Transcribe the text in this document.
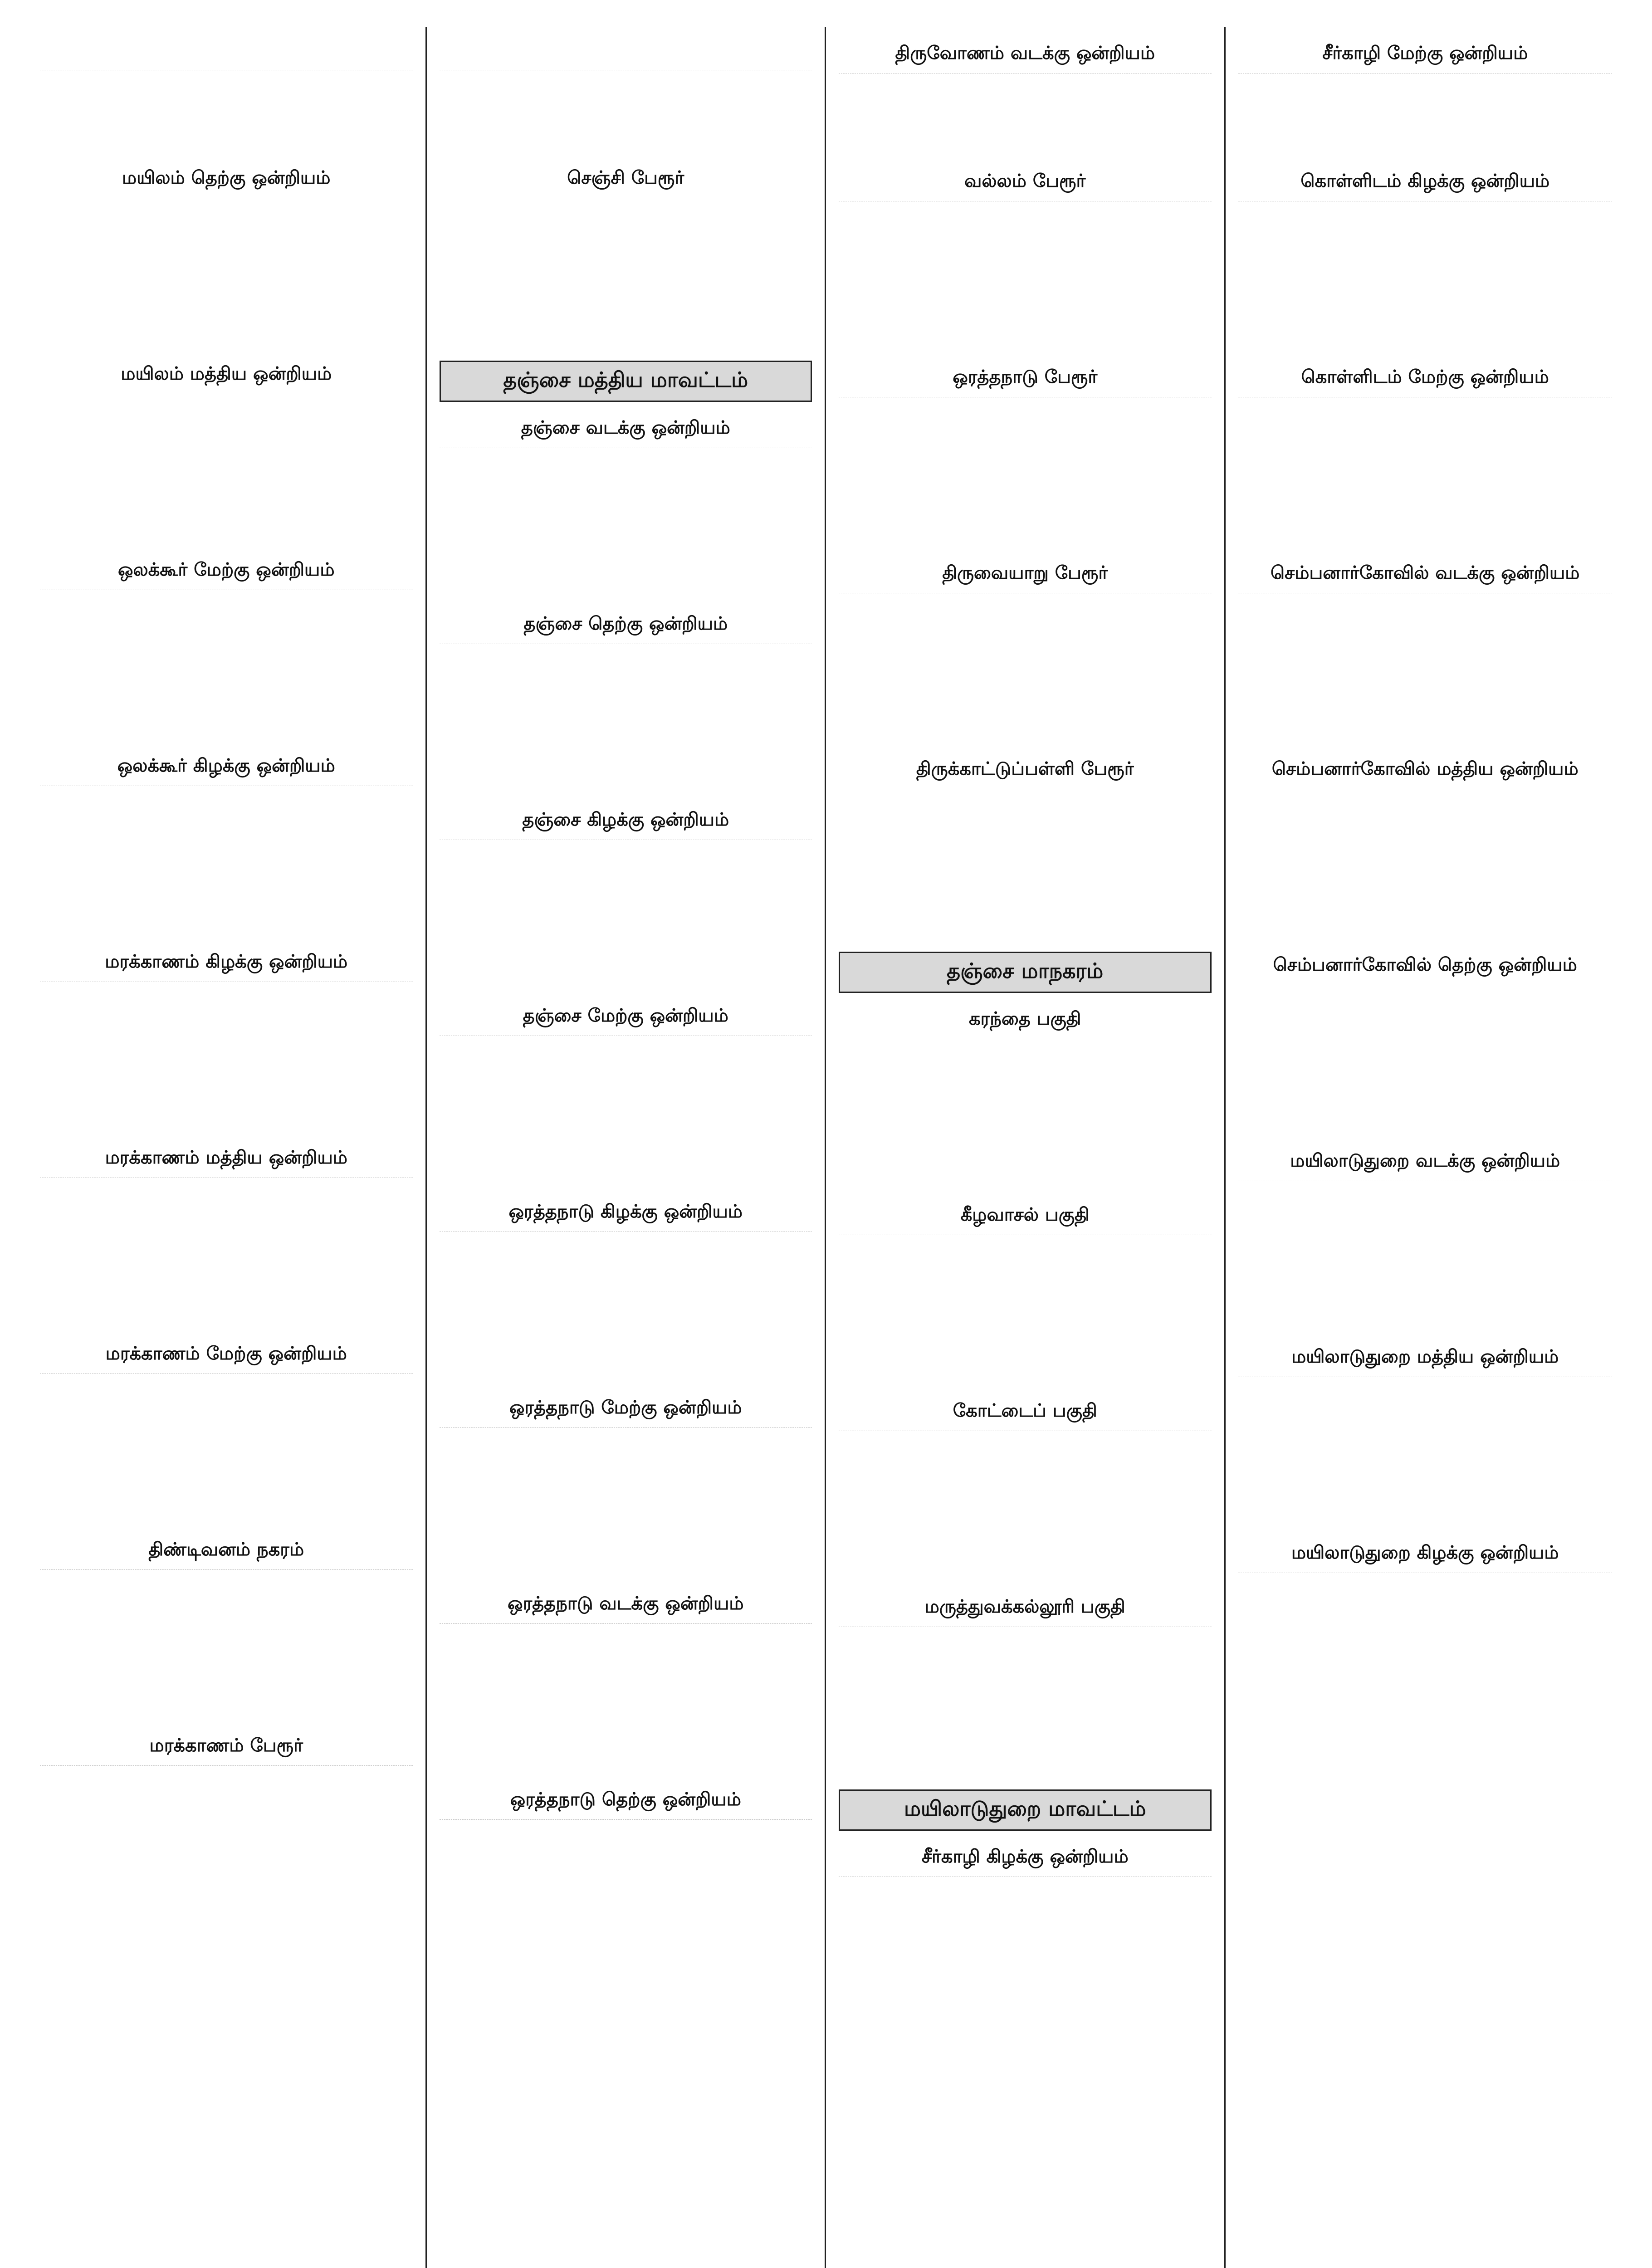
மயிலம் தெற்கு ஒன்றியம்
மயிலம் மத்திய ஒன்றியம்
ஒலக்கூர் மேற்கு ஒன்றியம்
ஒலக்கூர் கிழக்கு ஒன்றியம்
மரக்காணம் கிழக்கு ஒன்றியம்
மரக்காணம் மத்திய ஒன்றியம்
மரக்காணம் மேற்கு ஒன்றியம்
திண்டிவனம் நகரம்
மரக்காணம் பேரூர்
செஞ்சி பேரூர்
தஞ்சை மத்திய மாவட்டம்
தஞ்சை வடக்கு ஒன்றியம்
தஞ்சை தெற்கு ஒன்றியம்
தஞ்சை கிழக்கு ஒன்றியம்
தஞ்சை மேற்கு ஒன்றியம்
ஒரத்தநாடு கிழக்கு ஒன்றியம்
ஒரத்தநாடு மேற்கு ஒன்றியம்
ஒரத்தநாடு வடக்கு ஒன்றியம்
ஒரத்தநாடு தெற்கு ஒன்றியம்
திருவோணம் வடக்கு ஒன்றியம்
வல்லம் பேரூர்
ஒரத்தநாடு பேரூர்
திருவையாறு பேரூர்
திருக்காட்டுப்பள்ளி பேரூர்
தஞ்சை மாநகரம்
கரந்தை பகுதி
கீழவாசல் பகுதி
கோட்டைப் பகுதி
மருத்துவக்கல்லூரி பகுதி
மயிலாடுதுறை மாவட்டம்
சீர்காழி கிழக்கு ஒன்றியம்
சீர்காழி மேற்கு ஒன்றியம்
கொள்ளிடம் கிழக்கு ஒன்றியம்
கொள்ளிடம் மேற்கு ஒன்றியம்
செம்பனார்கோவில் வடக்கு ஒன்றியம்
செம்பனார்கோவில் மத்திய ஒன்றியம்
செம்பனார்கோவில் தெற்கு ஒன்றியம்
மயிலாடுதுறை வடக்கு ஒன்றியம்
மயிலாடுதுறை மத்திய ஒன்றியம்
மயிலாடுதுறை கிழக்கு ஒன்றியம்
